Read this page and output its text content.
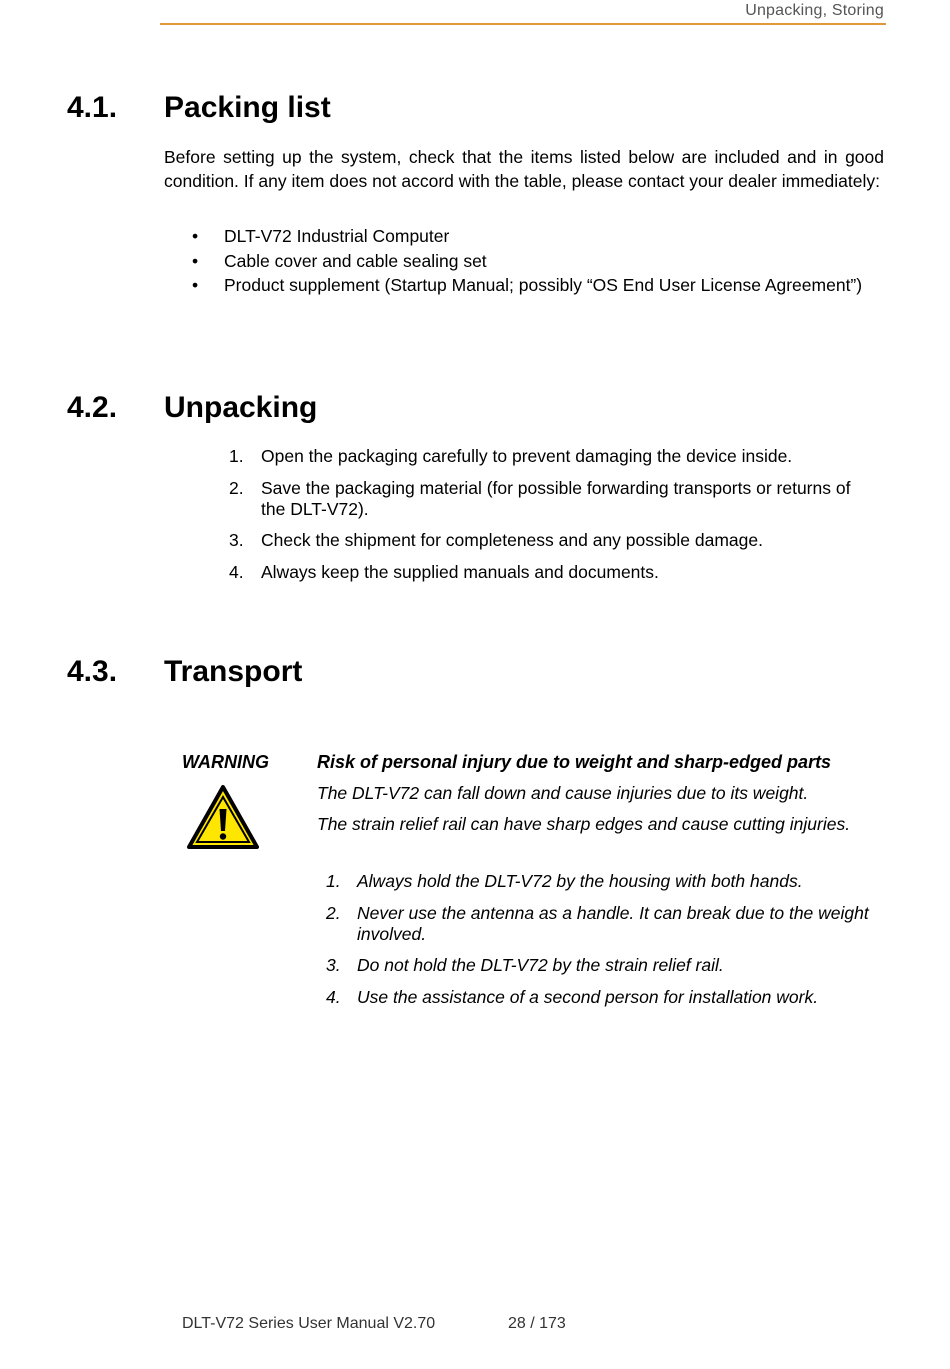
Unpacking, Storing
4.1. Packing list
Before setting up the system, check that the items listed below are included and in good condition. If any item does not accord with the table, please contact your dealer immediately:
• DLT-V72 Industrial Computer
• Cable cover and cable sealing set
• Product supplement (Startup Manual; possibly “OS End User License Agreement”)
4.2. Unpacking
1. Open the packaging carefully to prevent damaging the device inside.
2. Save the packaging material (for possible forwarding transports or returns of the DLT-V72).
3. Check the shipment for completeness and any possible damage.
4. Always keep the supplied manuals and documents.
4.3. Transport
WARNING	Risk of personal injury due to weight and sharp-edged parts
The DLT-V72 can fall down and cause injuries due to its weight.
The strain relief rail can have sharp edges and cause cutting injuries.
1. Always hold the DLT-V72 by the housing with both hands.
2. Never use the antenna as a handle. It can break due to the weight involved.
3. Do not hold the DLT-V72 by the strain relief rail.
4. Use the assistance of a second person for installation work.
DLT-V72 Series User Manual V2.70	28 / 173
